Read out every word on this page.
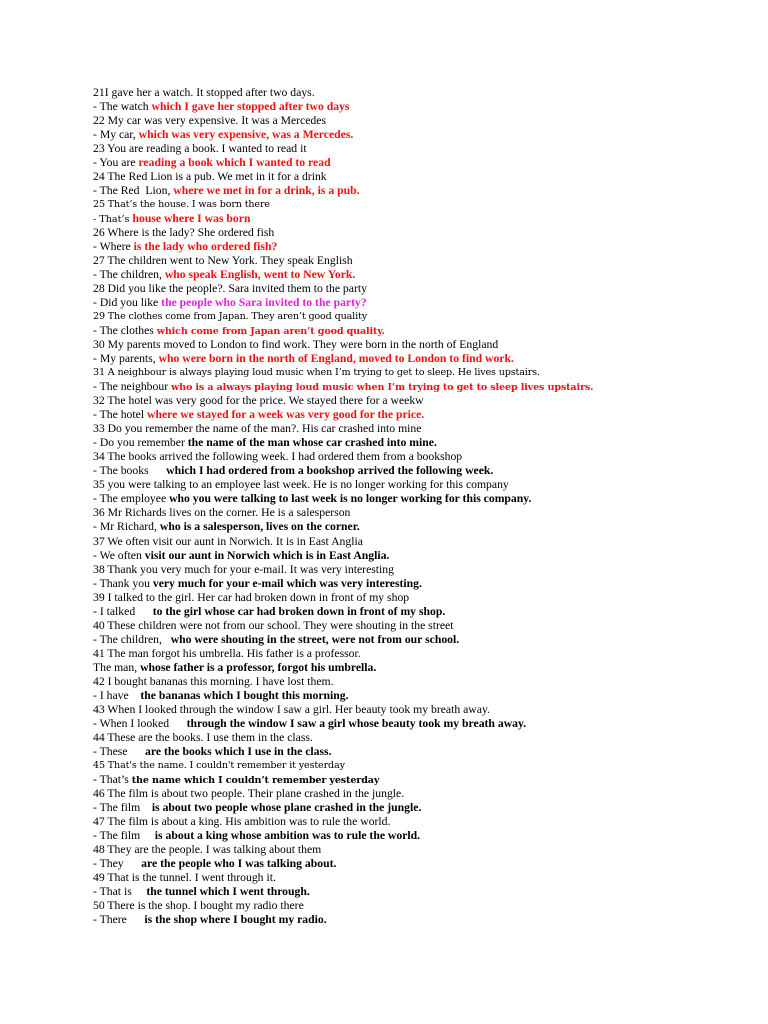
21I gave her a watch. It stopped after two days.
- The watch which I gave her stopped after two days
22 My car was very expensive. It was a Mercedes
- My car, which was very expensive, was a Mercedes.
23 You are reading a book. I wanted to read it
- You are reading a book which I wanted to read
24 The Red Lion is a pub. We met in it for a drink
- The Red  Lion, where we met in for a drink, is a pub.
25 That’s the house. I was born there
- That’s house where I was born
26 Where is the lady? She ordered fish
- Where is the lady who ordered fish?
27 The children went to New York. They speak English
- The children, who speak English, went to New York.
28 Did you like the people?. Sara invited them to the party
- Did you like the people who Sara invited to the party?
29 The clothes come from Japan. They aren’t good quality
- The clothes which come from Japan aren’t good quality.
30 My parents moved to London to find work. They were born in the north of England
- My parents, who were born in the north of England, moved to London to find work.
31 A neighbour is always playing loud music when I’m trying to get to sleep. He lives upstairs.
- The neighbour who is a always playing loud music when I’m trying to get to sleep lives upstairs.
32 The hotel was very good for the price. We stayed there for a weekw
- The hotel where we stayed for a week was very good for the price.
33 Do you remember the name of the man?. His car crashed into mine
- Do you remember the name of the man whose car crashed into mine.
34 The books arrived the following week. I had ordered them from a bookshop
- The books      which I had ordered from a bookshop arrived the following week.
35 you were talking to an employee last week. He is no longer working for this company
- The employee who you were talking to last week is no longer working for this company.
36 Mr Richards lives on the corner. He is a salesperson
- Mr Richard, who is a salesperson, lives on the corner.
37 We often visit our aunt in Norwich. It is in East Anglia
- We often visit our aunt in Norwich which is in East Anglia.
38 Thank you very much for your e-mail. It was very interesting
- Thank you very much for your e-mail which was very interesting.
39 I talked to the girl. Her car had broken down in front of my shop
- I talked      to the girl whose car had broken down in front of my shop.
40 These children were not from our school. They were shouting in the street
- The children,   who were shouting in the street, were not from our school.
41 The man forgot his umbrella. His father is a professor.
The man, whose father is a professor, forgot his umbrella.
42 I bought bananas this morning. I have lost them.
- I have    the bananas which I bought this morning.
43 When I looked through the window I saw a girl. Her beauty took my breath away.
- When I looked      through the window I saw a girl whose beauty took my breath away.
44 These are the books. I use them in the class.
- These      are the books which I use in the class.
45 That's the name. I couldn't remember it yesterday
- That’s the name which I couldn’t remember yesterday
46 The film is about two people. Their plane crashed in the jungle.
- The film    is about two people whose plane crashed in the jungle.
47 The film is about a king. His ambition was to rule the world.
- The film     is about a king whose ambition was to rule the world.
48 They are the people. I was talking about them
- They      are the people who I was talking about.
49 That is the tunnel. I went through it.
- That is     the tunnel which I went through.
50 There is the shop. I bought my radio there
- There      is the shop where I bought my radio.
